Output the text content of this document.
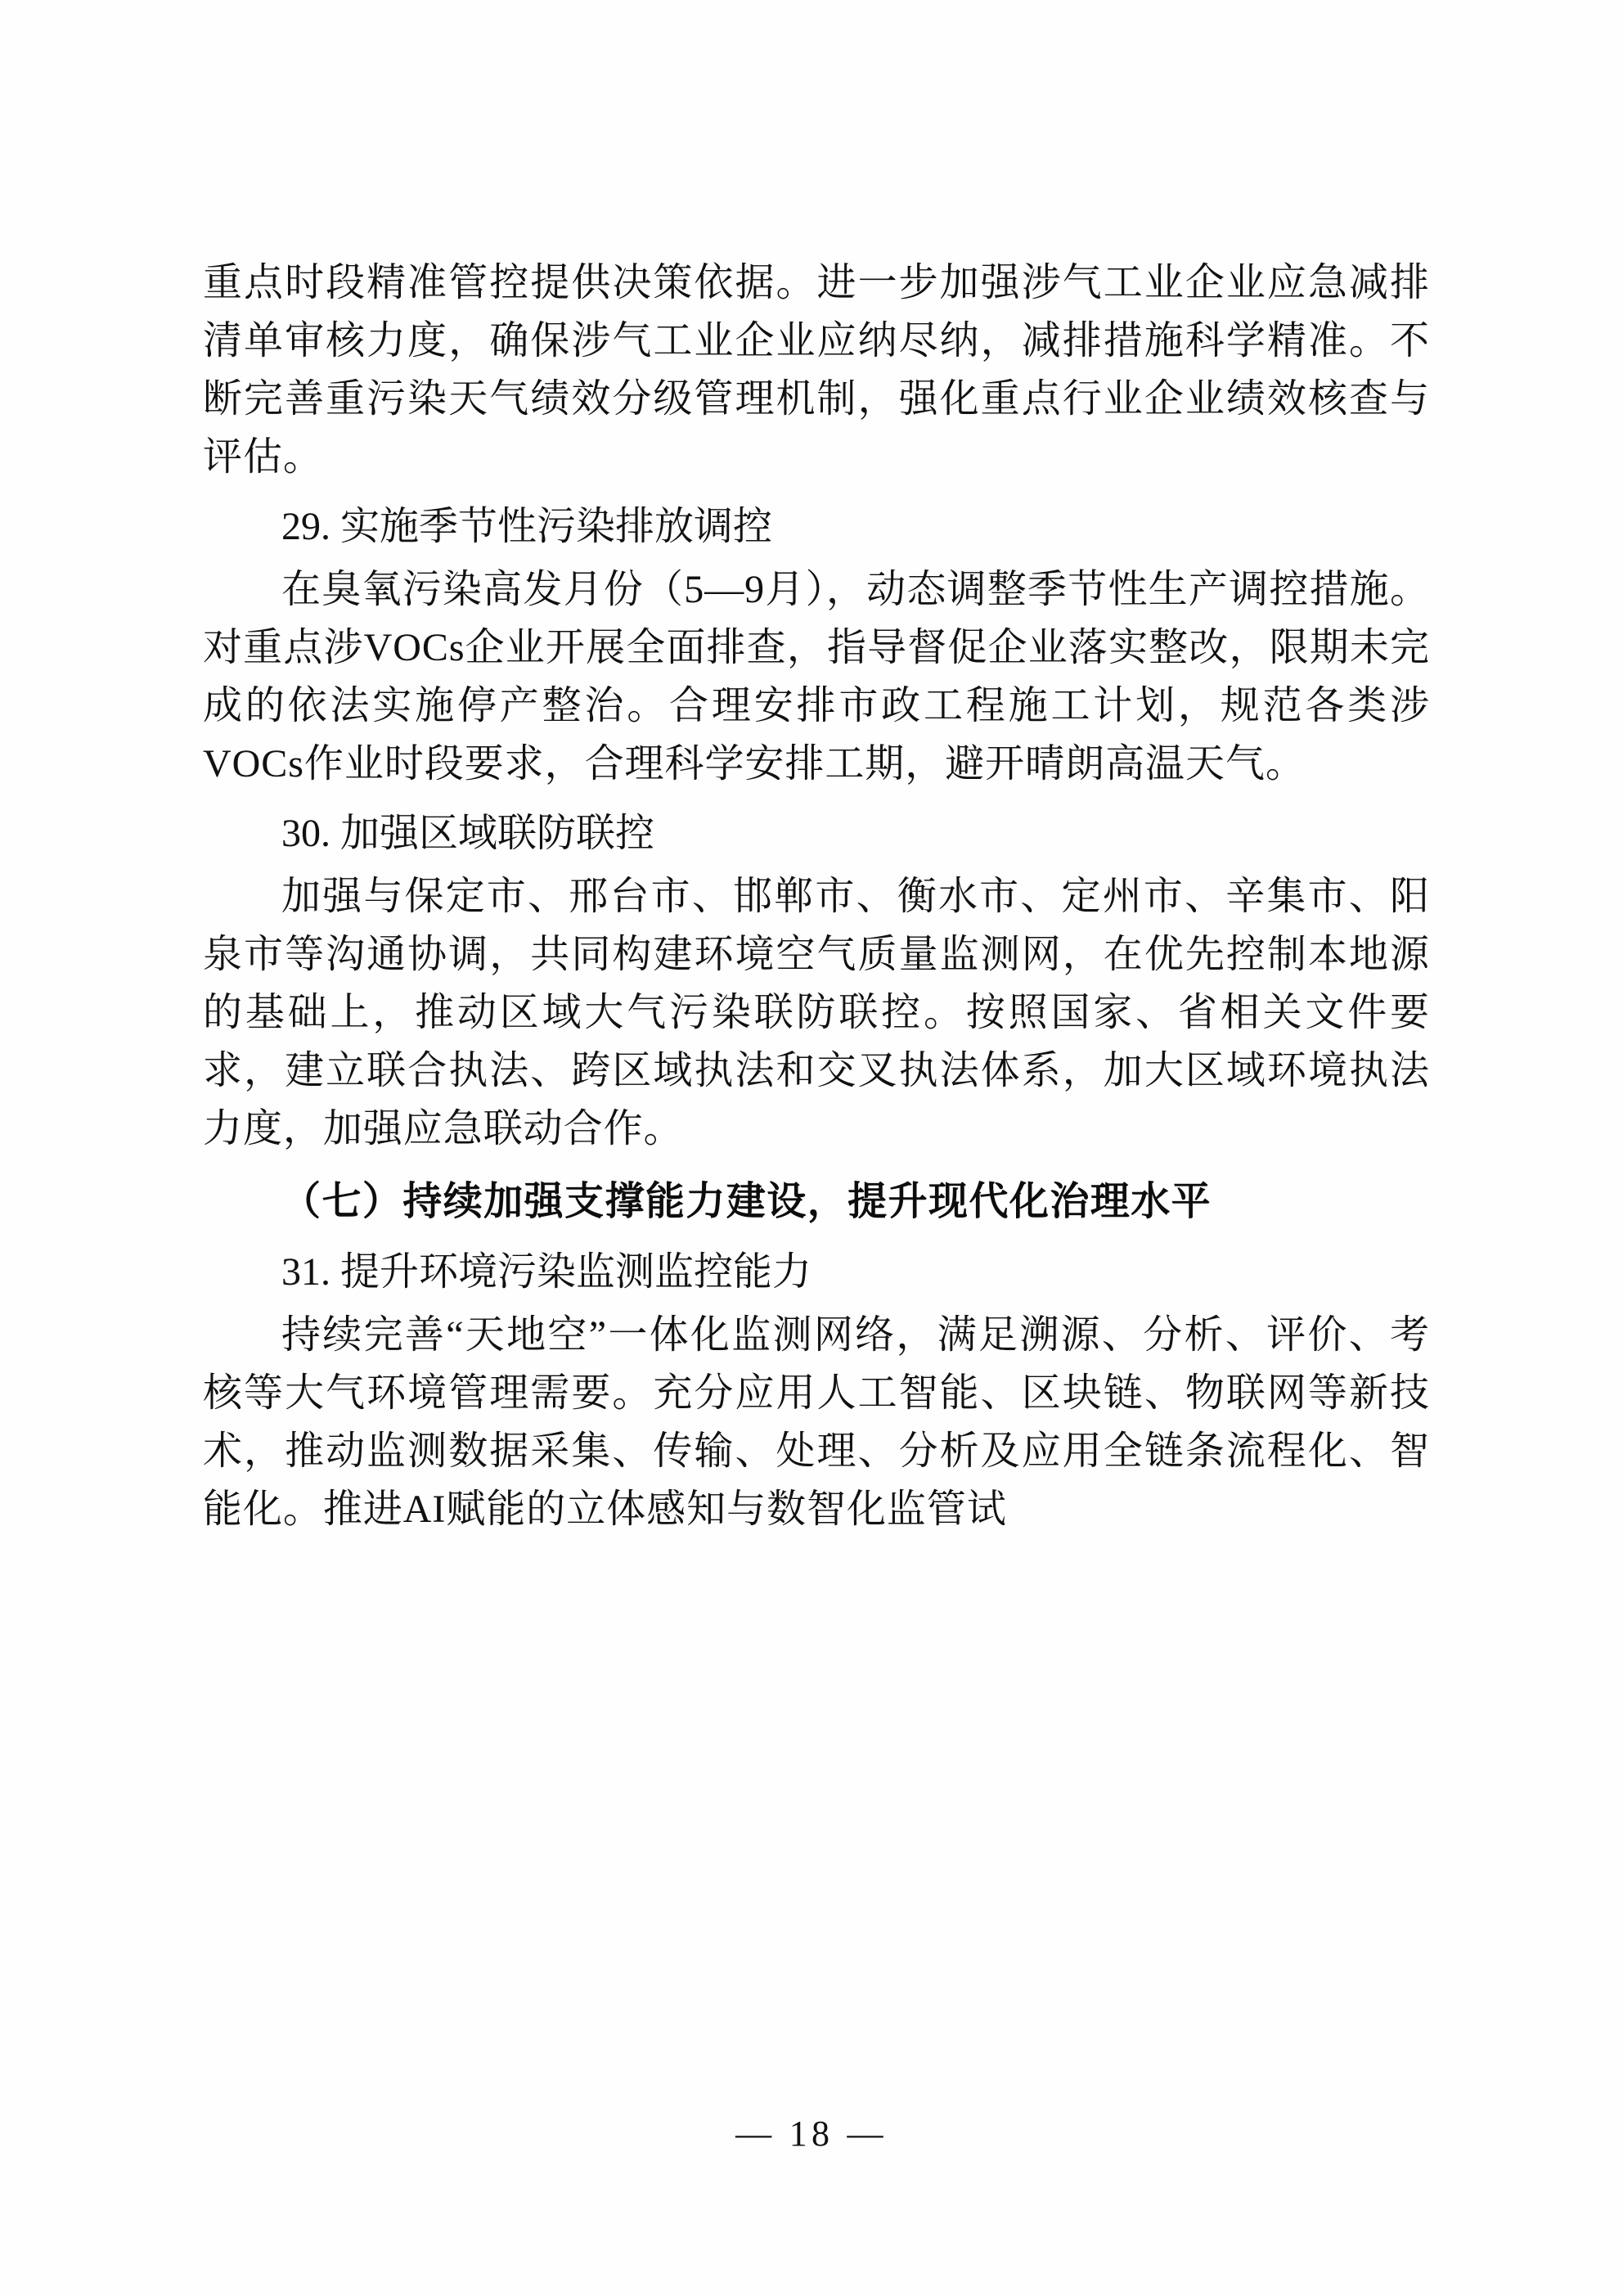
重点时段精准管控提供决策依据。进一步加强涉气工业企业应急减排清单审核力度，确保涉气工业企业应纳尽纳，减排措施科学精准。不断完善重污染天气绩效分级管理机制，强化重点行业企业绩效核查与评估。

29. 实施季节性污染排放调控

在臭氧污染高发月份（5—9月），动态调整季节性生产调控措施。对重点涉VOCs企业开展全面排查，指导督促企业落实整改，限期未完成的依法实施停产整治。合理安排市政工程施工计划，规范各类涉VOCs作业时段要求，合理科学安排工期，避开晴朗高温天气。

30. 加强区域联防联控

加强与保定市、邢台市、邯郸市、衡水市、定州市、辛集市、阳泉市等沟通协调，共同构建环境空气质量监测网，在优先控制本地源的基础上，推动区域大气污染联防联控。按照国家、省相关文件要求，建立联合执法、跨区域执法和交叉执法体系，加大区域环境执法力度，加强应急联动合作。

（七）持续加强支撑能力建设，提升现代化治理水平

31. 提升环境污染监测监控能力

持续完善“天地空”一体化监测网络，满足溯源、分析、评价、考核等大气环境管理需要。充分应用人工智能、区块链、物联网等新技术，推动监测数据采集、传输、处理、分析及应用全链条流程化、智能化。推进AI赋能的立体感知与数智化监管试

— 18 —
